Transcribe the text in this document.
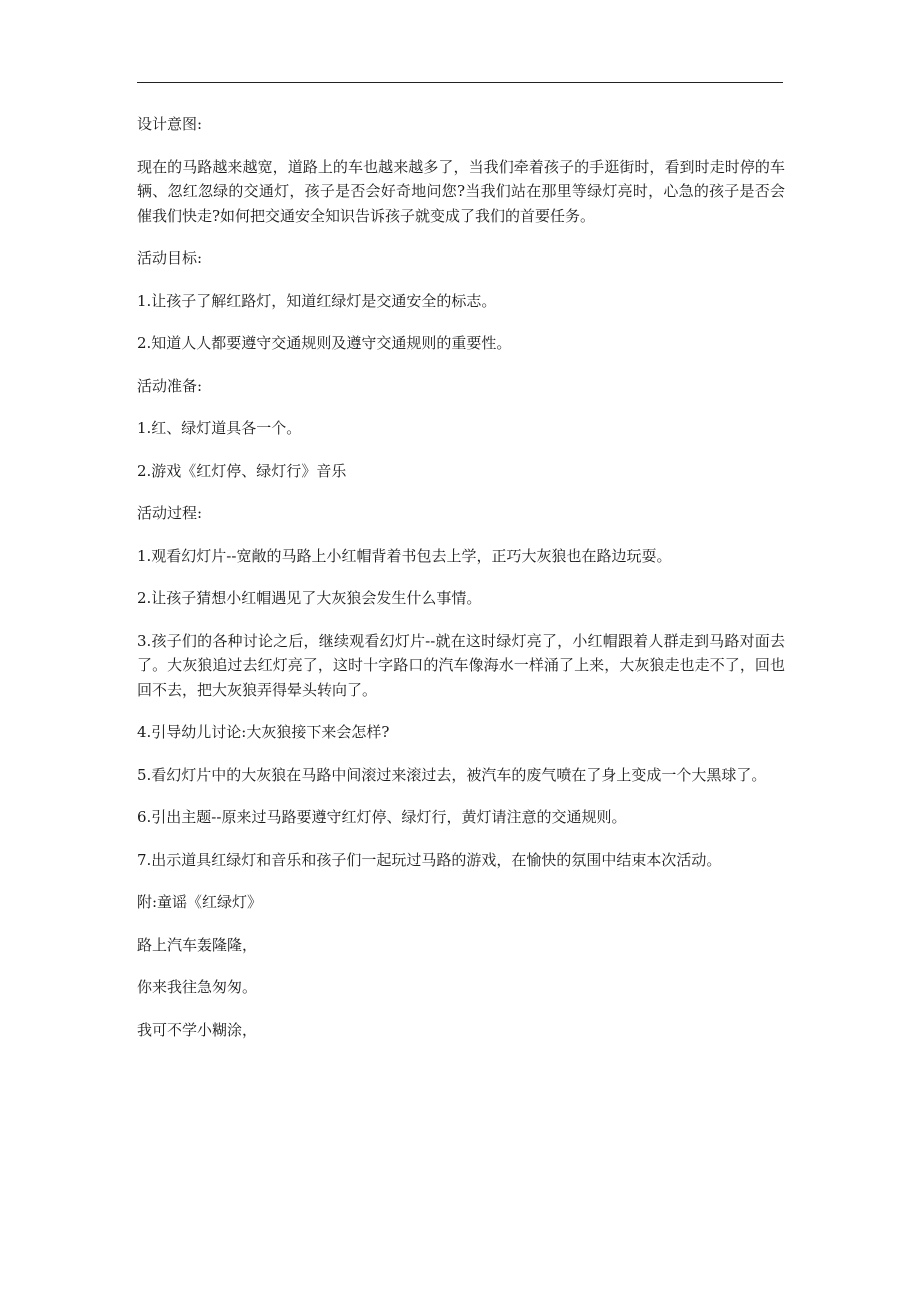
设计意图:

现在的马路越来越宽，道路上的车也越来越多了，当我们牵着孩子的手逛街时，看到时走时停的车辆、忽红忽绿的交通灯，孩子是否会好奇地问您?当我们站在那里等绿灯亮时，心急的孩子是否会催我们快走?如何把交通安全知识告诉孩子就变成了我们的首要任务。

活动目标:

1.让孩子了解红路灯，知道红绿灯是交通安全的标志。

2.知道人人都要遵守交通规则及遵守交通规则的重要性。

活动准备:

1.红、绿灯道具各一个。

2.游戏《红灯停、绿灯行》音乐

活动过程:

1.观看幻灯片--宽敞的马路上小红帽背着书包去上学，正巧大灰狼也在路边玩耍。

2.让孩子猜想小红帽遇见了大灰狼会发生什么事情。

3.孩子们的各种讨论之后，继续观看幻灯片--就在这时绿灯亮了，小红帽跟着人群走到马路对面去了。大灰狼追过去红灯亮了，这时十字路口的汽车像海水一样涌了上来，大灰狼走也走不了，回也回不去，把大灰狼弄得晕头转向了。

4.引导幼儿讨论:大灰狼接下来会怎样?

5.看幻灯片中的大灰狼在马路中间滚过来滚过去，被汽车的废气喷在了身上变成一个大黑球了。

6.引出主题--原来过马路要遵守红灯停、绿灯行，黄灯请注意的交通规则。

7.出示道具红绿灯和音乐和孩子们一起玩过马路的游戏，在愉快的氛围中结束本次活动。

附:童谣《红绿灯》

路上汽车轰隆隆，

你来我往急匆匆。

我可不学小糊涂，
